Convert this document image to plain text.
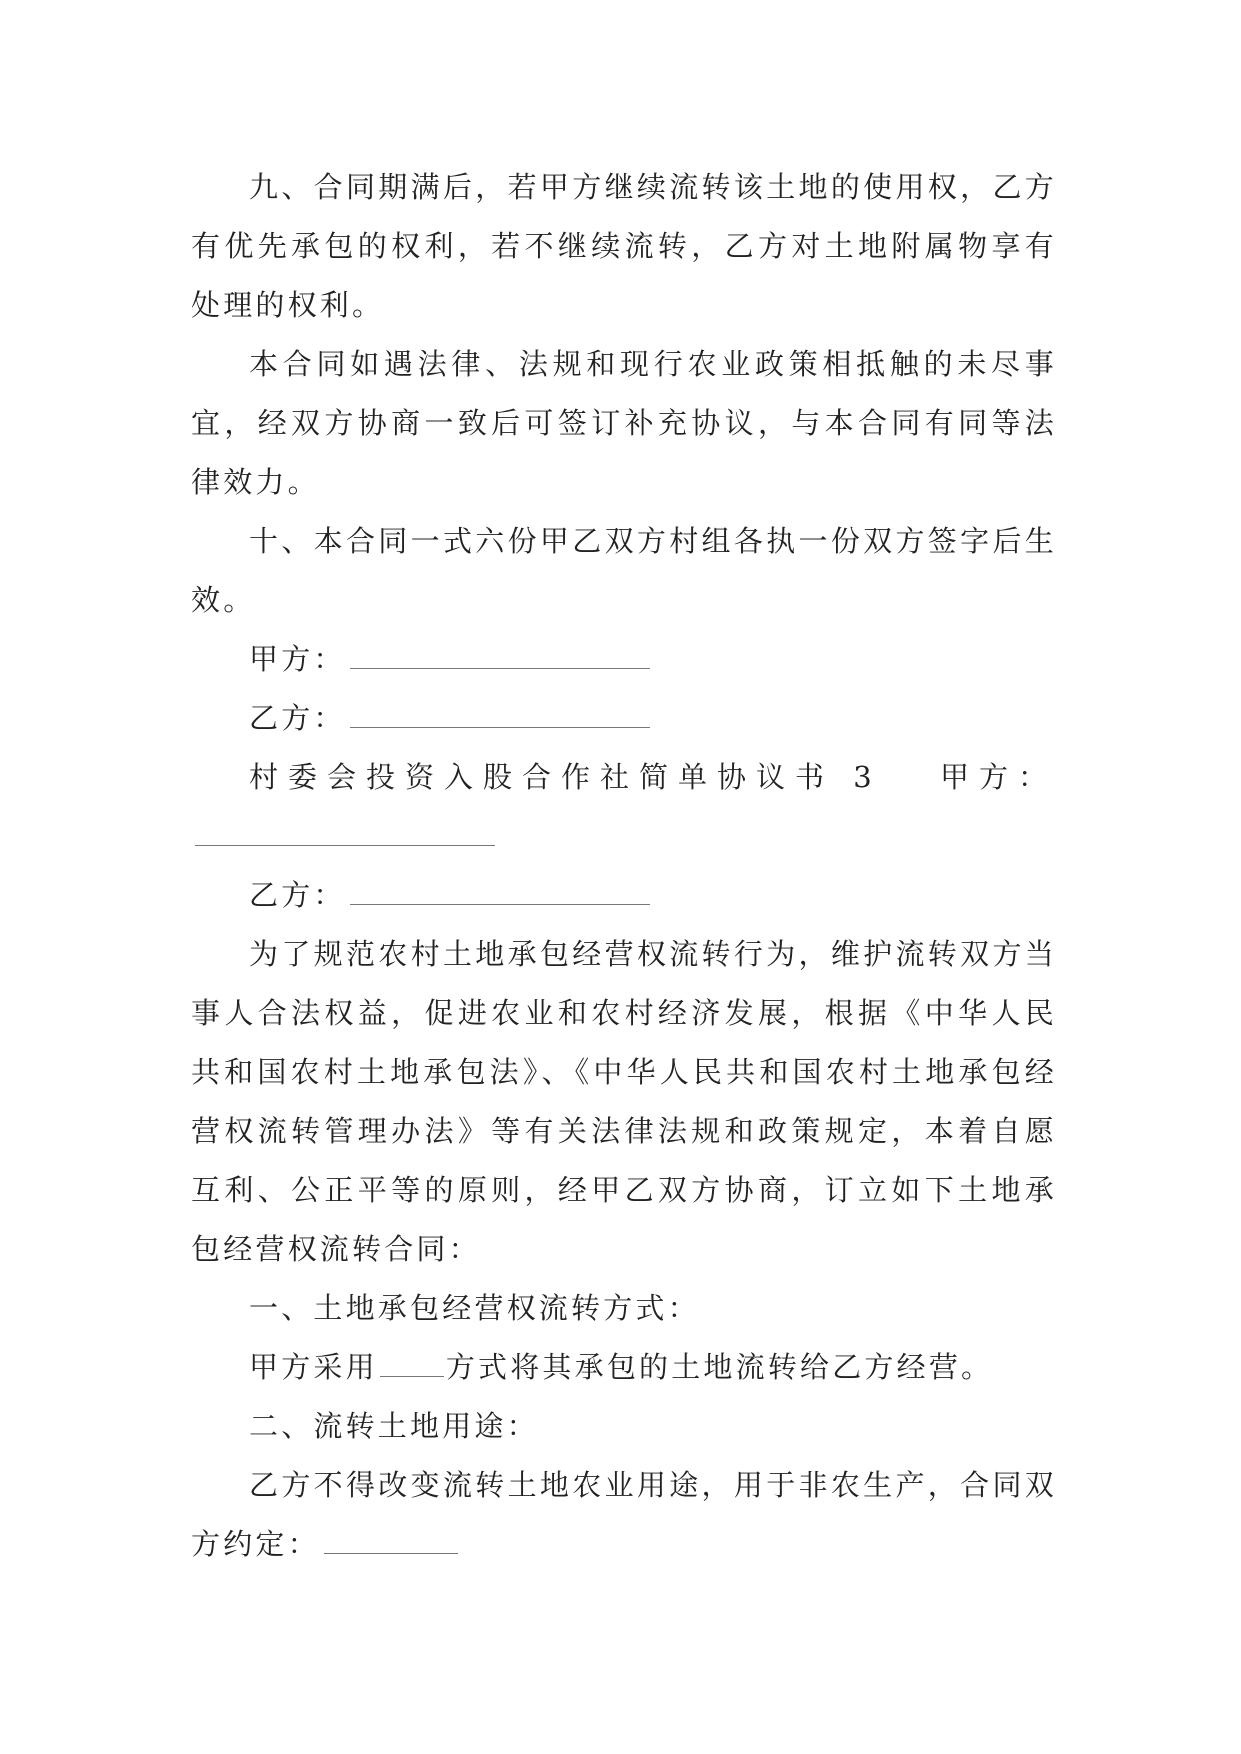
九、合同期满后，若甲方继续流转该土地的使用权，乙方有优先承包的权利，若不继续流转，乙方对土地附属物享有处理的权利。

本合同如遇法律、法规和现行农业政策相抵触的未尽事宜，经双方协商一致后可签订补充协议，与本合同有同等法律效力。

十、本合同一式六份甲乙双方村组各执一份双方签字后生效。

甲方：

乙方：

村委会投资入股合作社简单协议书 3 甲方：

乙方：

为了规范农村土地承包经营权流转行为，维护流转双方当事人合法权益，促进农业和农村经济发展，根据《中华人民共和国农村土地承包法》、《中华人民共和国农村土地承包经营权流转管理办法》等有关法律法规和政策规定，本着自愿互利、公正平等的原则，经甲乙双方协商，订立如下土地承包经营权流转合同：

一、土地承包经营权流转方式：

甲方采用 方式将其承包的土地流转给乙方经营。

二、流转土地用途：

乙方不得改变流转土地农业用途，用于非农生产，合同双方约定：
